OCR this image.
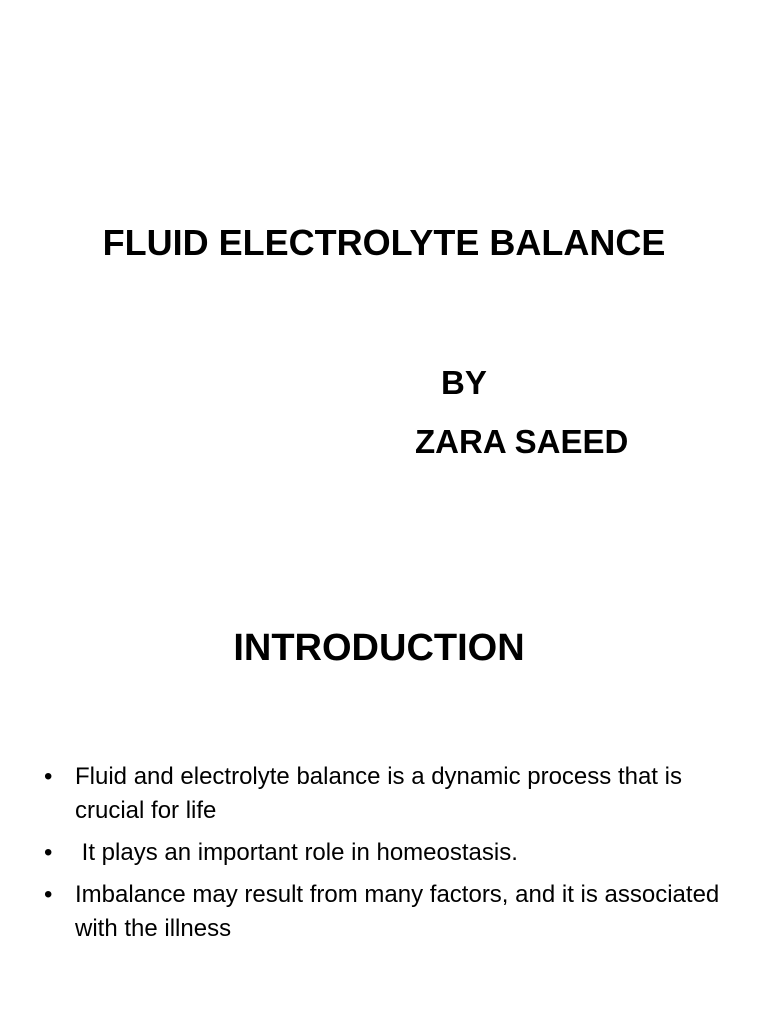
FLUID ELECTROLYTE BALANCE
BY
ZARA SAEED
INTRODUCTION
• Fluid and electrolyte balance is a dynamic process that is crucial for life
• It plays an important role in homeostasis.
• Imbalance may result from many factors, and it is associated with the illness
